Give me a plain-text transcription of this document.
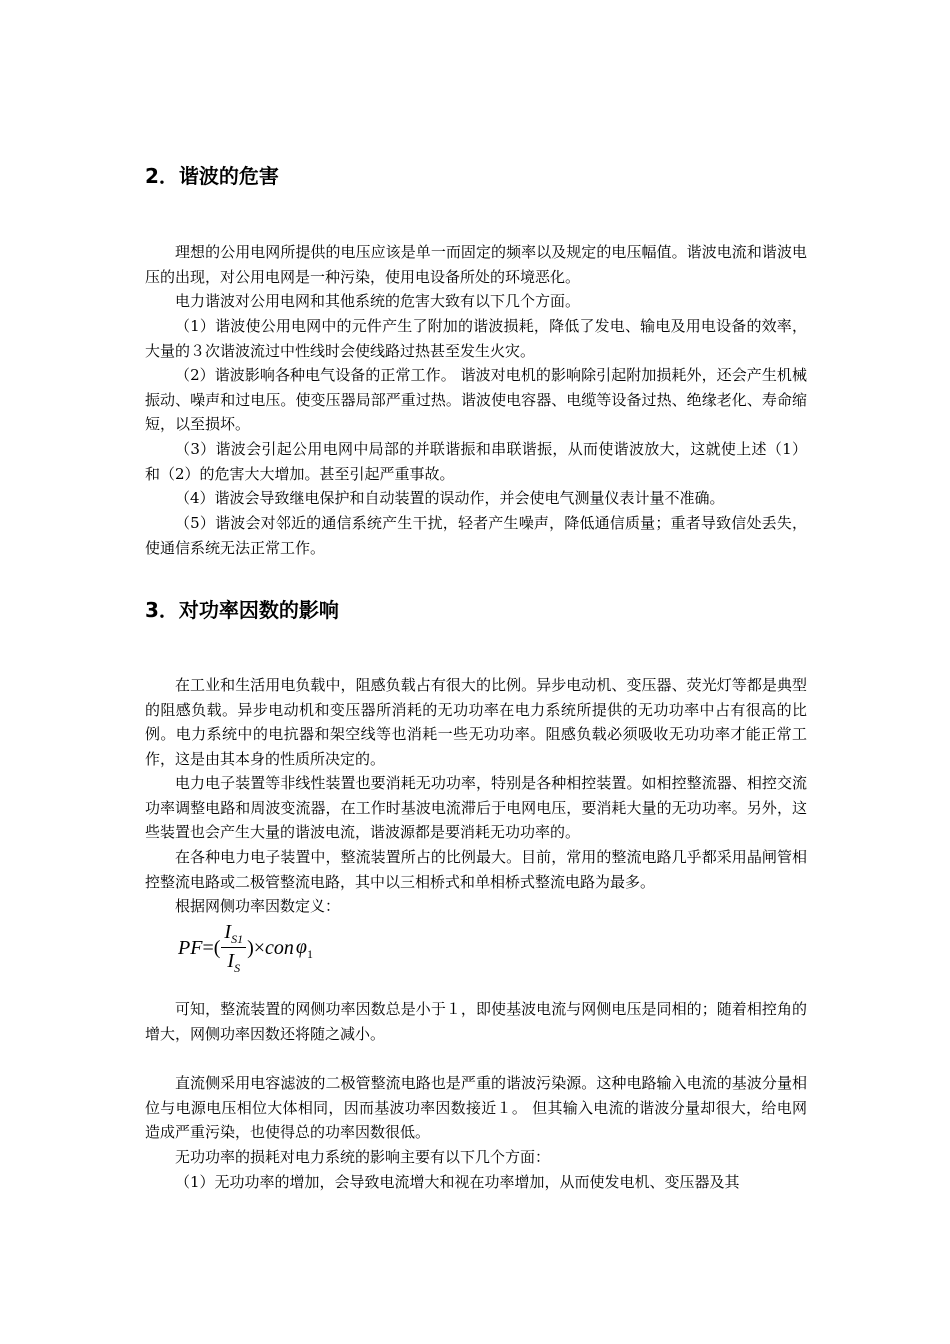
2．谐波的危害

理想的公用电网所提供的电压应该是单一而固定的频率以及规定的电压幅值。谐波电流和谐波电压的出现，对公用电网是一种污染，使用电设备所处的环境恶化。

电力谐波对公用电网和其他系统的危害大致有以下几个方面。

（1）谐波使公用电网中的元件产生了附加的谐波损耗，降低了发电、输电及用电设备的效率，大量的３次谐波流过中性线时会使线路过热甚至发生火灾。

（2）谐波影响各种电气设备的正常工作。 谐波对电机的影响除引起附加损耗外，还会产生机械振动、噪声和过电压。使变压器局部严重过热。谐波使电容器、电缆等设备过热、绝缘老化、寿命缩短，以至损坏。

（3）谐波会引起公用电网中局部的并联谐振和串联谐振，从而使谐波放大，这就使上述（1）和（2）的危害大大增加。甚至引起严重事故。

（4）谐波会导致继电保护和自动装置的误动作，并会使电气测量仪表计量不准确。

（5）谐波会对邻近的通信系统产生干扰，轻者产生噪声，降低通信质量；重者导致信处丢失，使通信系统无法正常工作。

3．对功率因数的影响

在工业和生活用电负载中，阻感负载占有很大的比例。异步电动机、变压器、荧光灯等都是典型的阻感负载。异步电动机和变压器所消耗的无功功率在电力系统所提供的无功功率中占有很高的比例。电力系统中的电抗器和架空线等也消耗一些无功功率。阻感负载必须吸收无功功率才能正常工作，这是由其本身的性质所决定的。

电力电子装置等非线性装置也要消耗无功功率，特别是各种相控装置。如相控整流器、相控交流功率调整电路和周波变流器，在工作时基波电流滞后于电网电压，要消耗大量的无功功率。另外，这些装置也会产生大量的谐波电流，谐波源都是要消耗无功功率的。

在各种电力电子装置中，整流装置所占的比例最大。目前，常用的整流电路几乎都采用晶闸管相控整流电路或二极管整流电路，其中以三相桥式和单相桥式整流电路为最多。

根据网侧功率因数定义：

PF =( $\frac{I_{S1}}{I_S}$ )× con $\varphi_1$

可知，整流装置的网侧功率因数总是小于１，即使基波电流与网侧电压是同相的；随着相控角的增大，网侧功率因数还将随之减小。

直流侧采用电容滤波的二极管整流电路也是严重的谐波污染源。这种电路输入电流的基波分量相位与电源电压相位大体相同，因而基波功率因数接近１。 但其输入电流的谐波分量却很大，给电网造成严重污染，也使得总的功率因数很低。

无功功率的损耗对电力系统的影响主要有以下几个方面：

（1）无功功率的增加，会导致电流增大和视在功率增加，从而使发电机、变压器及其
